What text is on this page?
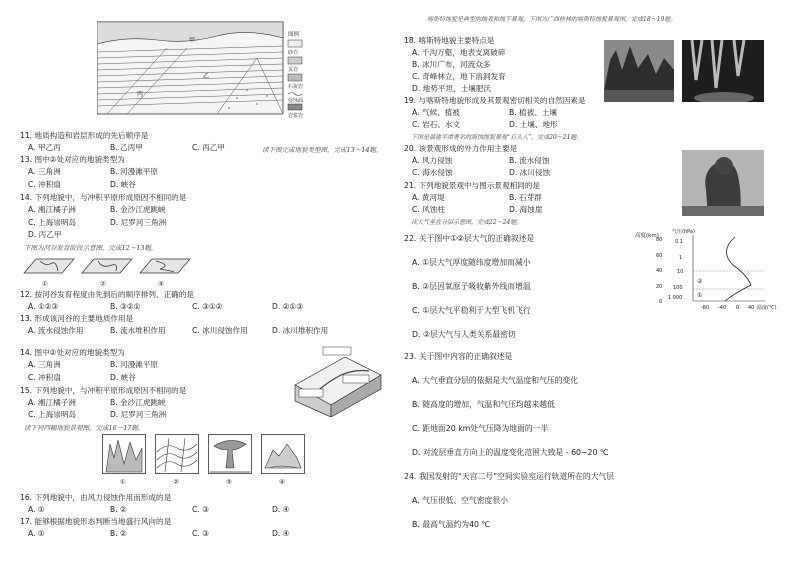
甲
乙
丙
图例
砂岩
页岩
石灰岩
侵蚀面
岩浆岩
11. 地质构造和岩层形成的先后顺序是
A. 甲乙丙	B. 乙丙甲	C. 丙乙甲	读下图完成地貌类型图，完成13～14题。
13. 图中②处对应的地貌类型为
A. 三角洲	B. 河漫滩平原
C. 冲积扇	D. 峡谷
14. 下列地貌中，与冲积平原形成原因不相同的是
A. 湘江橘子洲	B. 金沙江虎跳峡
C. 上海崇明岛	D. 尼罗河三角洲
D. 丙乙甲
下图为河谷发育阶段示意图，完成12～13题。
①	②	③
12. 按河谷发育程度由先到后的顺序排列，正确的是
A. ①②③	B. ③②①	C. ③①②	D. ②①③
13. 形成该河谷的主要地质作用是
A. 流水侵蚀作用	B. 流水堆积作用	C. 冰川侵蚀作用	D. 冰川堆积作用
14. 图中②处对应的地貌类型为
A. 三角洲	B. 河漫滩平原
C. 冲积扇	D. 峡谷
15. 下列地貌中，与冲积平原形成原因不相同的是
A. 湘江橘子洲	B. 金沙江虎跳峡
C. 上海崇明岛	D. 尼罗河三角洲
读下列四幅地貌景观图，完成16～17题。
①	②	③	④
16. 下列地貌中，由风力侵蚀作用而形成的是
A. ①	B. ②	C. ③	D. ④
17. 能够根据地貌形态判断当地盛行风向的是
A. ①	B. ②	C. ③	D. ④
喀斯特地貌是典型的地表和地下景观，下图为广西桂林的喀斯特地貌景观图，完成18～19题。
18. 喀斯特地貌主要特点是
A. 千沟万壑，地表支离破碎
B. 冰川广布，河流众多
C. 奇峰林立，地下溶洞发育
D. 地势平坦，土壤肥沃
19. 与喀斯特地貌形成及其景观密切相关的自然因素是
A. 气候、植被	B. 植被、土壤
C. 岩石、水文	D. 土壤、地形
下图是福建平潭著名的海蚀地貌景观“石头人”，完成20～21题。
20. 该景观形成的外力作用主要是
A. 风力侵蚀	B. 流水侵蚀
C. 海水侵蚀	D. 冰川侵蚀
21. 下列地貌景观中与图示景观相同的是
A. 黄河堤	B. 石芽群
C. 风蚀柱	D. 海蚀崖
读大气垂直分层示意图，完成22～24题。
22. 关于图中①②层大气的正确叙述是
A. ①层大气厚度随纬度增加而减小
B. ②层因氧原子吸收紫外线而增温
C. ①层大气平稳利于大型飞机飞行
D. ②层大气与人类关系最密切
高度(km)
气压(hPa)
80
60
40
20
0
0.1
1
10
100
1 000
②
①
-80 -40 0 40 温度(℃)
23. 关于图中内容的正确叙述是
A. 大气垂直分层的依据是大气温度和气压的变化
B. 随高度的增加，气温和气压均越来越低
C. 距地面20 km处气压降为地面的一半
D. 对流层垂直方向上的温度变化范围大致是 - 60~20 ℃
24. 我国发射的“天宫二号”空间实验室运行轨道所在的大气层
A. 气压很低、空气密度很小
B. 最高气温约为40 ℃
